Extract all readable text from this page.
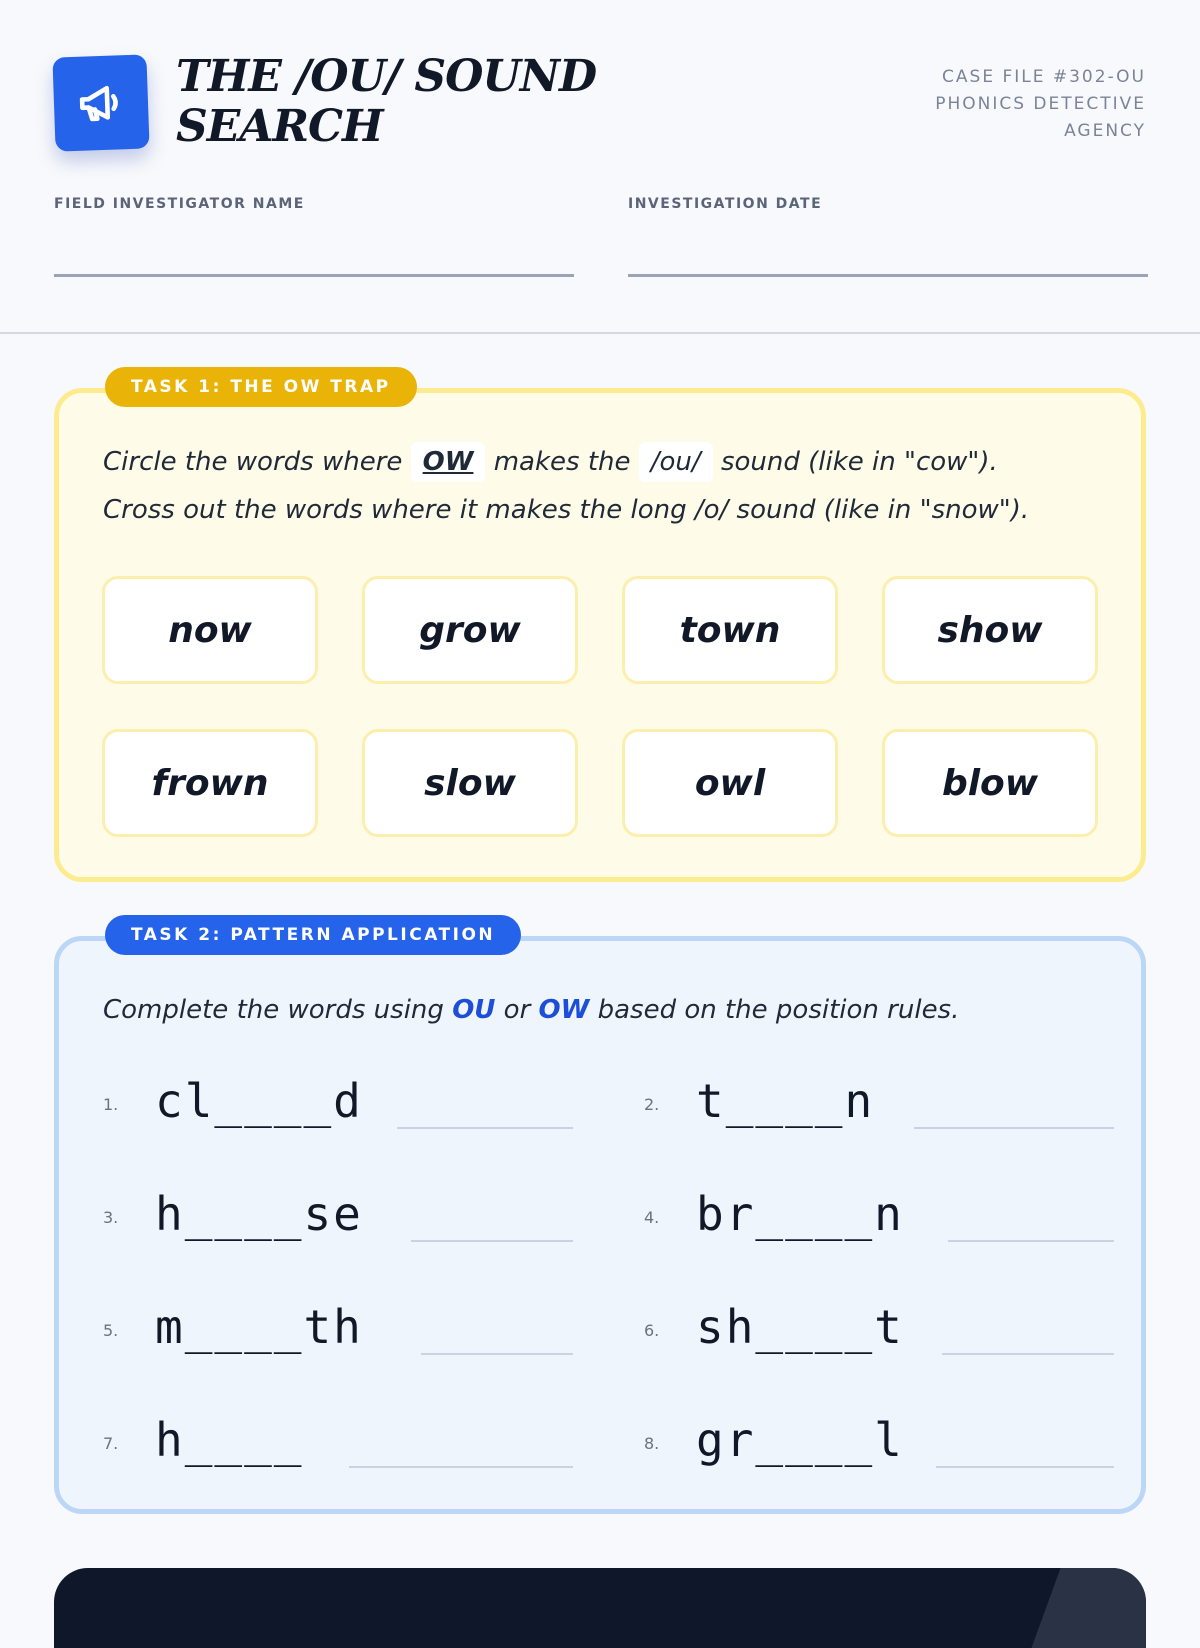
THE /OU/ SOUND
SEARCH
CASE FILE #302-OU
PHONICS DETECTIVE
AGENCY
FIELD INVESTIGATOR NAME	INVESTIGATION DATE
TASK 1: THE OW TRAP
Circle the words where OW makes the /ou/ sound (like in "cow").
Cross out the words where it makes the long /o/ sound (like in "snow").
now	grow	town	show
frown	slow	owl	blow
TASK 2: PATTERN APPLICATION
Complete the words using OU or OW based on the position rules.
1. cl____d	2. t____n
3. h____se	4. br____n
5. m____th	6. sh____t
7. h____	8. gr____l
